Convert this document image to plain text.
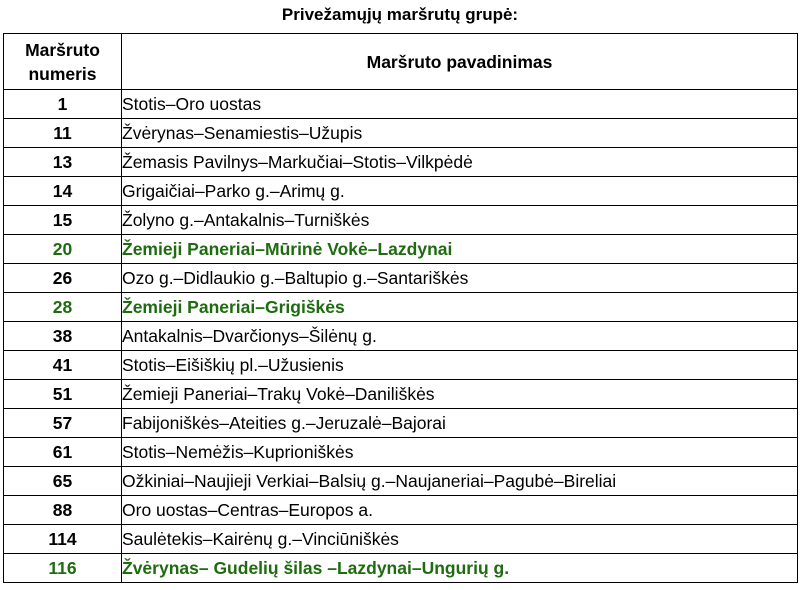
Privežamųjų maršrutų grupė:
Maršruto
numeris	Maršruto pavadinimas
1	Stotis–Oro uostas
11	Žvėrynas–Senamiestis–Užupis
13	Žemasis Pavilnys–Markučiai–Stotis–Vilkpėdė
14	Grigaičiai–Parko g.–Arimų g.
15	Žolyno g.–Antakalnis–Turniškės
20	Žemieji Paneriai–Mūrinė Vokė–Lazdynai
26	Ozo g.–Didlaukio g.–Baltupio g.–Santariškės
28	Žemieji Paneriai–Grigiškės
38	Antakalnis–Dvarčionys–Šilėnų g.
41	Stotis–Eišiškių pl.–Užusienis
51	Žemieji Paneriai–Trakų Vokė–Daniliškės
57	Fabijoniškės–Ateities g.–Jeruzalė–Bajorai
61	Stotis–Nemėžis–Kuprioniškės
65	Ožkiniai–Naujieji Verkiai–Balsių g.–Naujaneriai–Pagubė–Bireliai
88	Oro uostas–Centras–Europos a.
114	Saulėtekis–Kairėnų g.–Vinciūniškės
116	Žvėrynas– Gudelių šilas –Lazdynai–Ungurių g.
